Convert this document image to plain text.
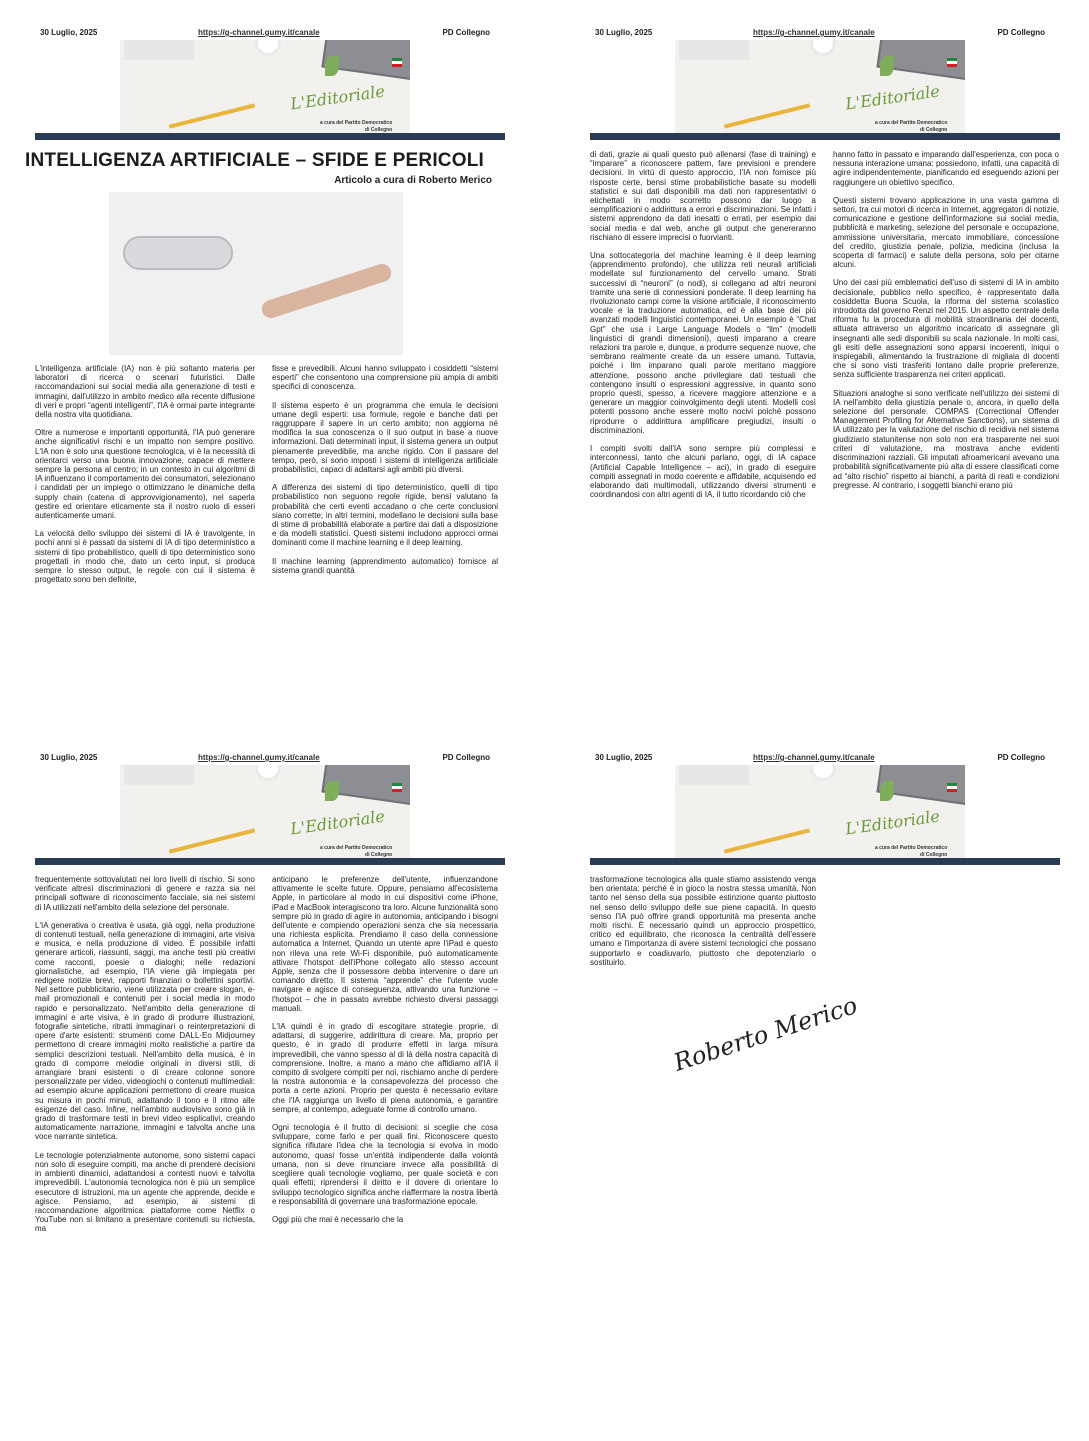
30 Luglio, 2025	https://g-channel.gumy.it/canale	PD Collegno
L'Editoriale
a cura del Partito Democratico
di Collegno
INTELLIGENZA ARTIFICIALE – SFIDE E PERICOLI
Articolo a cura di Roberto Merico

L'intelligenza artificiale (IA) non è più soltanto materia per laboratori di ricerca o scenari futuristici. Dalle raccomandazioni sui social media alla generazione di testi e immagini, dall'utilizzo in ambito medico alla recente diffusione di veri e propri “agenti intelligenti”, l'IA è ormai parte integrante della nostra vita quotidiana.

Oltre a numerose e importanti opportunità, l'IA può generare anche significativi rischi e un impatto non sempre positivo. L'IA non è solo una questione tecnologica, vi è la necessità di orientarci verso una buona innovazione, capace di mettere sempre la persona al centro; in un contesto in cui algoritmi di IA influenzano il comportamento dei consumatori, selezionano i candidati per un impiego o ottimizzano le dinamiche della supply chain (catena di approvvigionamento), nel saperla gestire ed orientare eticamente sta il nostro ruolo di esseri autenticamente umani.

La velocità dello sviluppo dei sistemi di IA è travolgente, in pochi anni si è passati da sistemi di IA di tipo deterministico a sistemi di tipo probabilistico, quelli di tipo deterministico sono progettati in modo che, dato un certo input, si produca sempre lo stesso output, le regole con cui il sistema è progettato sono ben definite,

fisse e prevedibili. Alcuni hanno sviluppato i cosiddetti “sistemi esperti” che consentono una comprensione più ampia di ambiti specifici di conoscenza.

Il sistema esperto è un programma che emula le decisioni umane degli esperti: usa formule, regole e banche dati per raggruppare il sapere in un certo ambito; non aggiorna né modifica la sua conoscenza o il suo output in base a nuove informazioni. Dati determinati input, il sistema genera un output pienamente prevedibile, ma anche rigido. Con il passare del tempo, però, si sono imposti i sistemi di intelligenza artificiale probabilistici, capaci di adattarsi agli ambiti più diversi.

A differenza dei sistemi di tipo deterministico, quelli di tipo probabilistico non seguono regole rigide, bensì valutano la probabilità che certi eventi accadano o che certe conclusioni siano corrette; in altri termini, modellano le decisioni sulla base di stime di probabilità elaborate a partire dai dati a disposizione e da modelli statistici. Questi sistemi includono approcci ormai dominanti come il machine learning e il deep learning.

Il machine learning (apprendimento automatico) fornisce al sistema grandi quantità

30 Luglio, 2025	https://g-channel.gumy.it/canale	PD Collegno
L'Editoriale
a cura del Partito Democratico
di Collegno

di dati, grazie ai quali questo può allenarsi (fase di training) e “imparare” a riconoscere pattern, fare previsioni e prendere decisioni. In virtù di questo approccio, l'IA non fornisce più risposte certe, bensì stime probabilistiche basate su modelli statistici e sui dati disponibili ma dati non rappresentativi o etichettati in modo scorretto possono dar luogo a semplificazioni o addirittura a errori e discriminazioni. Se infatti i sistemi apprendono da dati inesatti o errati, per esempio dai social media e dal web, anche gli output che genereranno rischiano di essere imprecisi o fuorvianti.

Una sottocategoria del machine learning è il deep learning (apprendimento profondo), che utilizza reti neurali artificiali modellate sul funzionamento del cervello umano. Strati successivi di “neuroni” (o nodi), si collegano ad altri neuroni tramite una serie di connessioni ponderate. Il deep learning ha rivoluzionato campi come la visione artificiale, il riconoscimento vocale e la traduzione automatica, ed è alla base dei più avanzati modelli linguistici contemporanei. Un esempio è “Chat Gpt” che usa i Large Language Models o “llm” (modelli linguistici di grandi dimensioni), questi imparano a creare relazioni tra parole e, dunque, a produrre sequenze nuove, che sembrano realmente create da un essere umano. Tuttavia, poiché i llm imparano quali parole meritano maggiore attenzione, possono anche privilegiare dati testuali che contengono insulti o espressioni aggressive, in quanto sono proprio questi, spesso, a ricevere maggiore attenzione e a generare un maggior coinvolgimento degli utenti. Modelli così potenti possono anche essere molto nocivi poiché possono riprodurre o addirittura amplificare pregiudizi, insulti o discriminazioni.

I compiti svolti dall'IA sono sempre più complessi e interconnessi, tanto che alcuni parlano, oggi, di IA capace (Artificial Capable Intelligence – aci), in grado di eseguire compiti assegnati in modo coerente e affidabile, acquisendo ed elaborando dati multimodali, utilizzando diversi strumenti e coordinandosi con altri agenti di IA, il tutto ricordando ciò che

hanno fatto in passato e imparando dall'esperienza, con poca o nessuna interazione umana: possiedono, infatti, una capacità di agire indipendentemente, pianificando ed eseguendo azioni per raggiungere un obiettivo specifico.

Questi sistemi trovano applicazione in una vasta gamma di settori, tra cui motori di ricerca in Internet, aggregatori di notizie, comunicazione e gestione dell'informazione sui social media, pubblicità e marketing, selezione del personale e occupazione, ammissione universitaria, mercato immobiliare, concessione del credito, giustizia penale, polizia, medicina (inclusa la scoperta di farmaci) e salute della persona, solo per citarne alcuni.

Uno dei casi più emblematici dell'uso di sistemi di IA in ambito decisionale, pubblico nello specifico, è rappresentato dalla cosiddetta Buona Scuola, la riforma del sistema scolastico introdotta dal governo Renzi nel 2015. Un aspetto centrale della riforma fu la procedura di mobilità straordinaria dei docenti, attuata attraverso un algoritmo incaricato di assegnare gli insegnanti alle sedi disponibili su scala nazionale. In molti casi, gli esiti delle assegnazioni sono apparsi incoerenti, iniqui o inspiegabili, alimentando la frustrazione di migliaia di docenti che si sono visti trasferiti lontano dalle proprie preferenze, senza sufficiente trasparenza nei criteri applicati.

Situazioni analoghe si sono verificate nell'utilizzo dei sistemi di IA nell'ambito della giustizia penale o, ancora, in quello della selezione del personale. COMPAS (Correctional Offender Management Profiling for Alternative Sanctions), un sistema di IA utilizzato per la valutazione del rischio di recidiva nel sistema giudiziario statunitense non solo non era trasparente nei suoi criteri di valutazione, ma mostrava anche evidenti discriminazioni razziali. Gli imputati afroamericani avevano una probabilità significativamente più alta di essere classificati come ad “alto rischio” rispetto ai bianchi, a parità di reati e condizioni pregresse. Al contrario, i soggetti bianchi erano più

30 Luglio, 2025	https://g-channel.gumy.it/canale	PD Collegno
L'Editoriale
a cura del Partito Democratico
di Collegno

frequentemente sottovalutati nei loro livelli di rischio. Si sono verificate altresì discriminazioni di genere e razza sia nei principali software di riconoscimento facciale, sia nei sistemi di IA utilizzati nell'ambito della selezione del personale.

L'IA generativa o creativa è usata, già oggi, nella produzione di contenuti testuali, nella generazione di immagini, arte visiva e musica, e nella produzione di video. È possibile infatti generare articoli, riassunti, saggi, ma anche testi più creativi come racconti, poesie o dialoghi; nelle redazioni giornalistiche, ad esempio, l'IA viene già impiegata per redigere notizie brevi, rapporti finanziari o bollettini sportivi. Nel settore pubblicitario, viene utilizzata per creare slogan, e-mail promozionali e contenuti per i social media in modo rapido e personalizzato. Nell'ambito della generazione di immagini e arte visiva, è in grado di produrre illustrazioni, fotografie sintetiche, ritratti immaginari o reinterpretazioni di opere d'arte esistenti: strumenti come DALL·Eo Midjourney permettono di creare immagini molto realistiche a partire da semplici descrizioni testuali. Nell'ambito della musica, è in grado di comporre melodie originali in diversi stili, di arrangiare brani esistenti o di creare colonne sonore personalizzate per video, videogiochi o contenuti multimediali: ad esempio alcune applicazioni permettono di creare musica su misura in pochi minuti, adattando il tono e il ritmo alle esigenze del caso. Infine, nell'ambito audiovisivo sono già in grado di trasformare testi in brevi video esplicativi, creando automaticamente narrazione, immagini e talvolta anche una voce narrante sintetica.

Le tecnologie potenzialmente autonome, sono sistemi capaci non solo di eseguire compiti, ma anche di prendere decisioni in ambienti dinamici, adattandosi a contesti nuovi e talvolta imprevedibili. L'autonomia tecnologica non è più un semplice esecutore di istruzioni, ma un agente che apprende, decide e agisce. Pensiamo, ad esempio, ai sistemi di raccomandazione algoritmica: piattaforme come Netflix o YouTube non si limitano a presentare contenuti su richiesta, ma

anticipano le preferenze dell'utente, influenzandone attivamente le scelte future. Oppure, pensiamo all'ecosistema Apple, in particolare al modo in cui dispositivi come iPhone, iPad e MacBook interagiscono tra loro. Alcune funzionalità sono sempre più in grado di agire in autonomia, anticipando i bisogni dell'utente e compiendo operazioni senza che sia necessaria una richiesta esplicita. Prendiamo il caso della connessione automatica a Internet. Quando un utente apre l'iPad e questo non rileva una rete Wi-Fi disponibile, può automaticamente attivare l'hotspot dell'iPhone collegato allo stesso account Apple, senza che il possessore debba intervenire o dare un comando diretto. Il sistema “apprende” che l'utente vuole navigare e agisce di conseguenza, attivando una funzione – l'hotspot – che in passato avrebbe richiesto diversi passaggi manuali.

L'IA quindi è in grado di escogitare strategie proprie, di adattarsi, di suggerire, addirittura di creare. Ma, proprio per questo, è in grado di produrre effetti in larga misura imprevedibili, che vanno spesso al di là della nostra capacità di comprensione. Inoltre, a mano a mano che affidiamo all'IA il compito di svolgere compiti per noi, rischiamo anche di perdere la nostra autonomia e la consapevolezza del processo che porta a certe azioni. Proprio per questo è necessario evitare che l'IA raggiunga un livello di piena autonomia, e garantire sempre, al contempo, adeguate forme di controllo umano.

Ogni tecnologia è il frutto di decisioni: si sceglie che cosa sviluppare, come farlo e per quali fini. Riconoscere questo significa rifiutare l'idea che la tecnologia si evolva in modo autonomo, quasi fosse un'entità indipendente dalla volontà umana, non si deve rinunciare invece alla possibilità di scegliere quali tecnologie vogliamo, per quale società e con quali effetti; riprendersi il diritto e il dovere di orientare lo sviluppo tecnologico significa anche riaffermare la nostra libertà e responsabilità di governare una trasformazione epocale.

Oggi più che mai è necessario che la

30 Luglio, 2025	https://g-channel.gumy.it/canale	PD Collegno
L'Editoriale
a cura del Partito Democratico
di Collegno

trasformazione tecnologica alla quale stiamo assistendo venga ben orientata: perché è in gioco la nostra stessa umanità. Non tanto nel senso della sua possibile estinzione quanto piuttosto nel senso dello sviluppo delle sue piene capacità. In questo senso l'IA può offrire grandi opportunità ma presenta anche molti rischi. È necessario quindi un approccio prospettico, critico ed equilibrato, che riconosca la centralità dell'essere umano e l'importanza di avere sistemi tecnologici che possano supportarlo e coadiuvarlo, piuttosto che depotenziarlo o sostituirlo.

Roberto Merico
